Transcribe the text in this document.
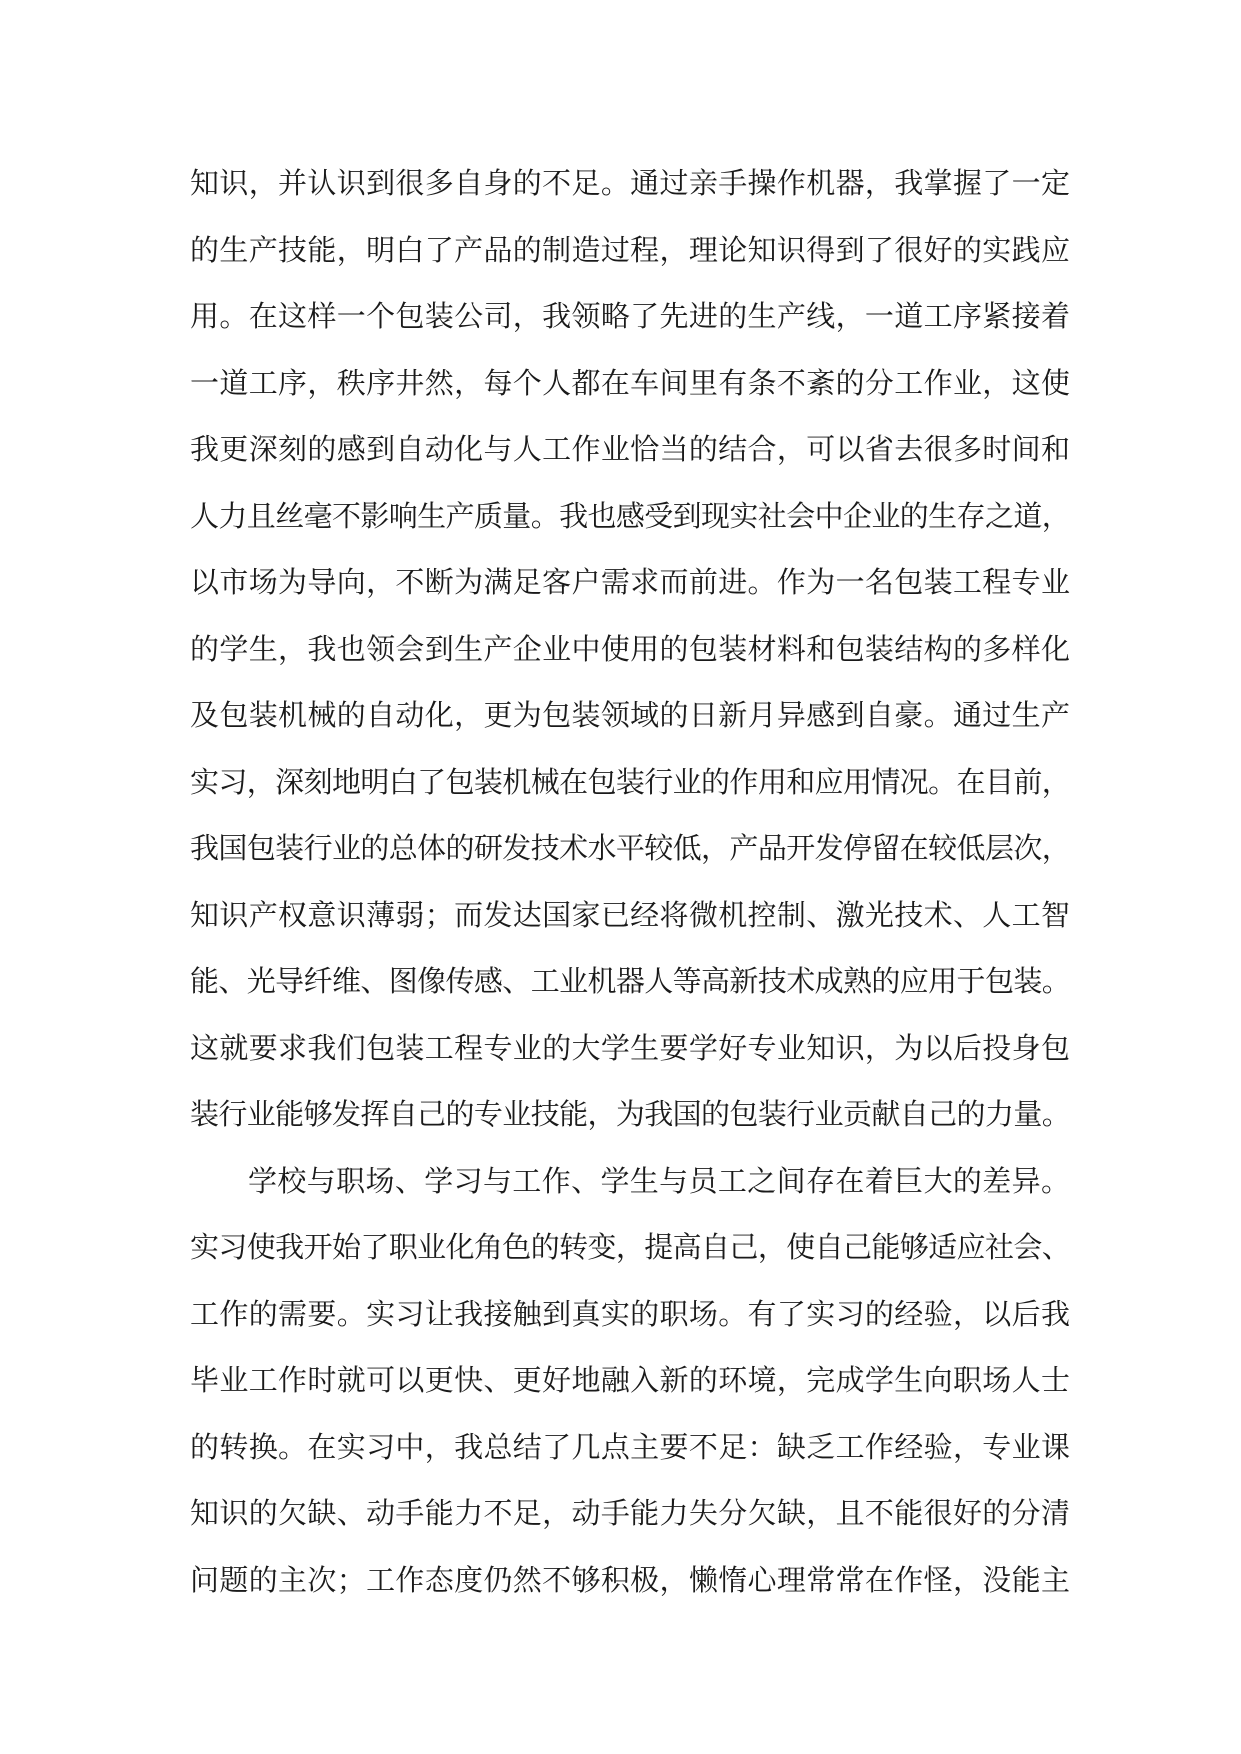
知识，并认识到很多自身的不足。通过亲手操作机器，我掌握了一定
的生产技能，明白了产品的制造过程，理论知识得到了很好的实践应
用。在这样一个包装公司，我领略了先进的生产线，一道工序紧接着
一道工序，秩序井然，每个人都在车间里有条不紊的分工作业，这使
我更深刻的感到自动化与人工作业恰当的结合，可以省去很多时间和
人力且丝毫不影响生产质量。我也感受到现实社会中企业的生存之道，
以市场为导向，不断为满足客户需求而前进。作为一名包装工程专业
的学生，我也领会到生产企业中使用的包装材料和包装结构的多样化
及包装机械的自动化，更为包装领域的日新月异感到自豪。通过生产
实习，深刻地明白了包装机械在包装行业的作用和应用情况。在目前，
我国包装行业的总体的研发技术水平较低，产品开发停留在较低层次，
知识产权意识薄弱；而发达国家已经将微机控制、激光技术、人工智
能、光导纤维、图像传感、工业机器人等高新技术成熟的应用于包装。
这就要求我们包装工程专业的大学生要学好专业知识，为以后投身包
装行业能够发挥自己的专业技能，为我国的包装行业贡献自己的力量。
学校与职场、学习与工作、学生与员工之间存在着巨大的差异。
实习使我开始了职业化角色的转变，提高自己，使自己能够适应社会、
工作的需要。实习让我接触到真实的职场。有了实习的经验，以后我
毕业工作时就可以更快、更好地融入新的环境，完成学生向职场人士
的转换。在实习中，我总结了几点主要不足：缺乏工作经验，专业课
知识的欠缺、动手能力不足，动手能力失分欠缺，且不能很好的分清
问题的主次；工作态度仍然不够积极，懒惰心理常常在作怪，没能主
